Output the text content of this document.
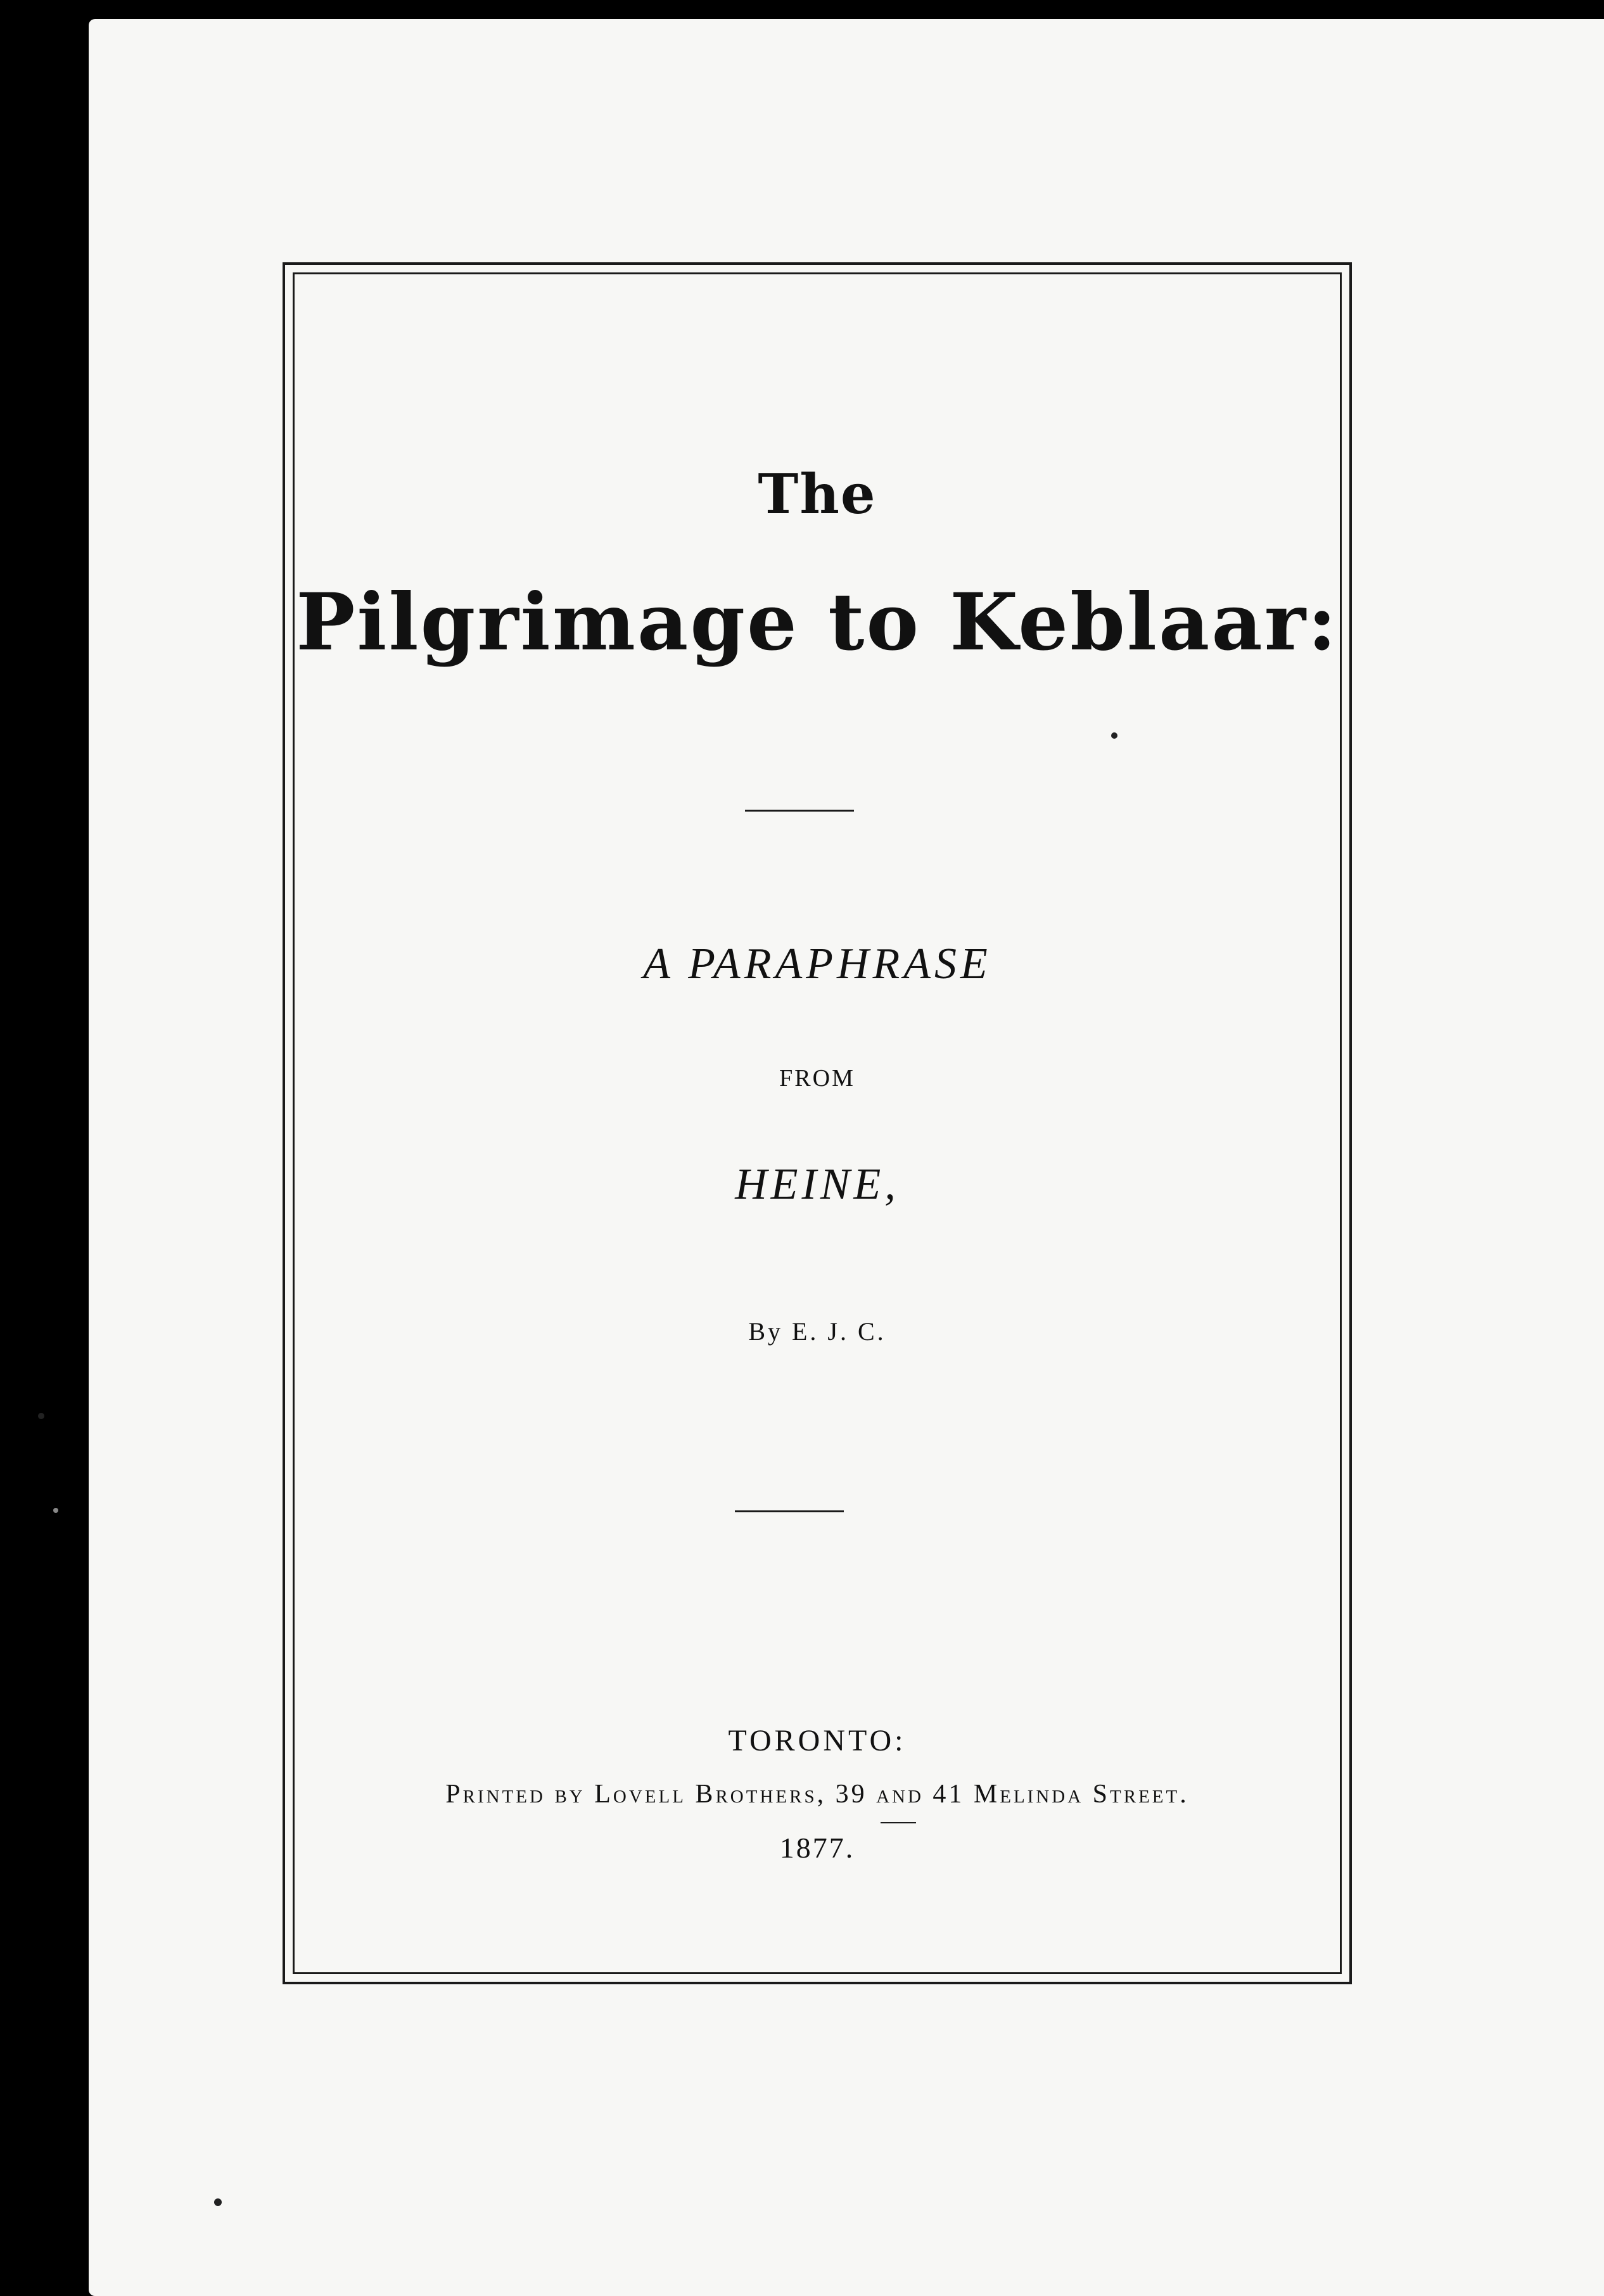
The
Pilgrimage to Keblaar:
A PARAPHRASE
FROM
HEINE,
By E. J. C.
TORONTO:
Printed by Lovell Brothers, 39 and 41 Melinda Street.
1877.
